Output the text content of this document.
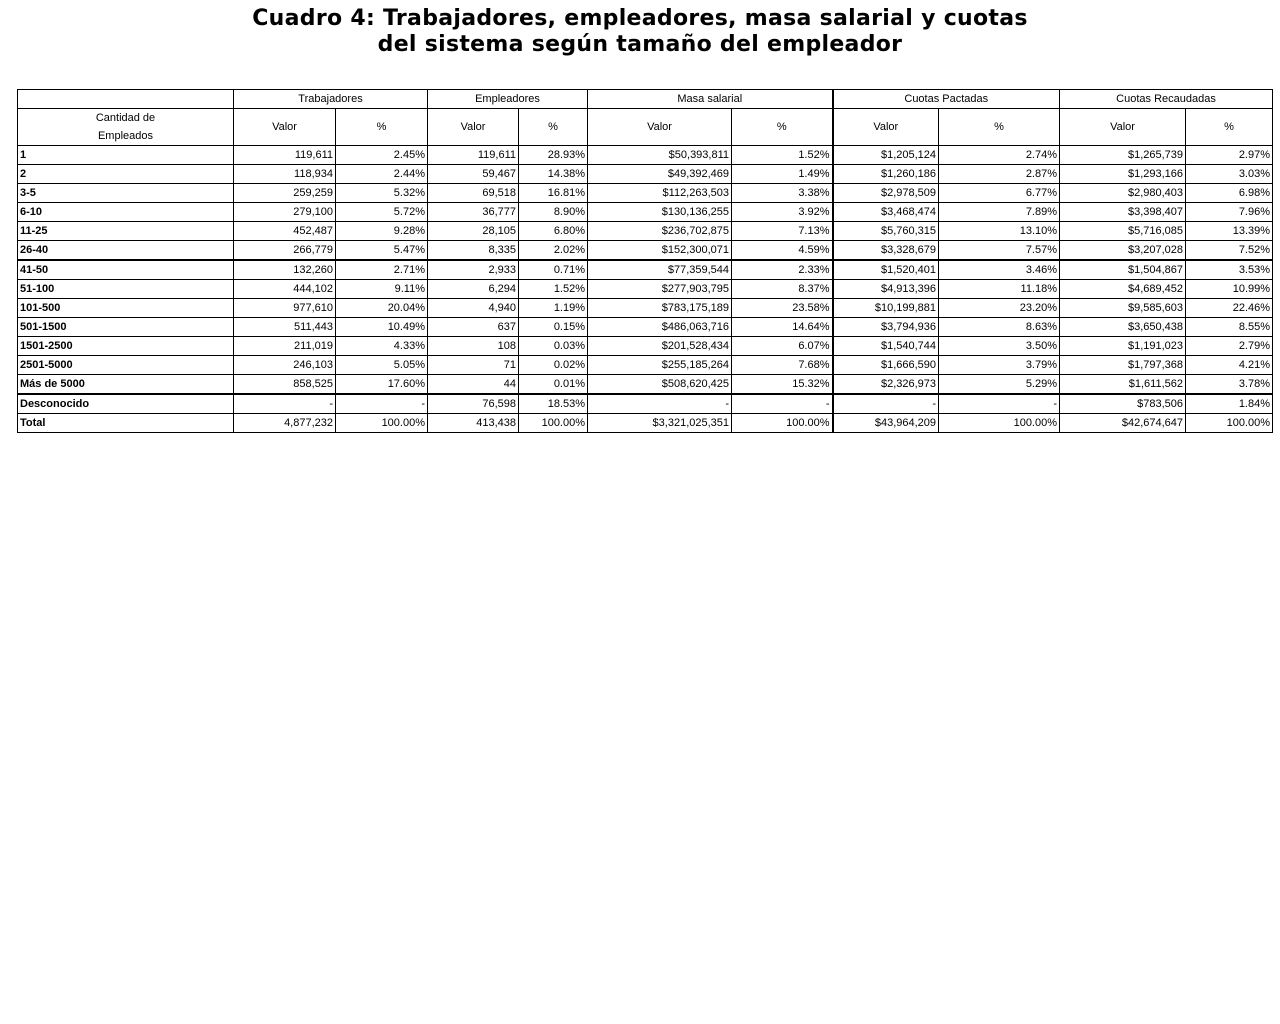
Cuadro 4: Trabajadores, empleadores, masa salarial y cuotas
del sistema según tamaño del empleador
	Trabajadores		Empleadores		Masa salarial		Cuotas Pactadas		Cuotas Recaudadas	

Cantidad de
Empleados	Valor	%	Valor	%	Valor	%	Valor	%	Valor	%
1	119,611	2.45%	119,611	28.93%	$50,393,811	1.52%	$1,205,124	2.74%	$1,265,739	2.97%
2	118,934	2.44%	59,467	14.38%	$49,392,469	1.49%	$1,260,186	2.87%	$1,293,166	3.03%
3-5	259,259	5.32%	69,518	16.81%	$112,263,503	3.38%	$2,978,509	6.77%	$2,980,403	6.98%
6-10	279,100	5.72%	36,777	8.90%	$130,136,255	3.92%	$3,468,474	7.89%	$3,398,407	7.96%
11-25	452,487	9.28%	28,105	6.80%	$236,702,875	7.13%	$5,760,315	13.10%	$5,716,085	13.39%
26-40	266,779	5.47%	8,335	2.02%	$152,300,071	4.59%	$3,328,679	7.57%	$3,207,028	7.52%
41-50	132,260	2.71%	2,933	0.71%	$77,359,544	2.33%	$1,520,401	3.46%	$1,504,867	3.53%
51-100	444,102	9.11%	6,294	1.52%	$277,903,795	8.37%	$4,913,396	11.18%	$4,689,452	10.99%
101-500	977,610	20.04%	4,940	1.19%	$783,175,189	23.58%	$10,199,881	23.20%	$9,585,603	22.46%
501-1500	511,443	10.49%	637	0.15%	$486,063,716	14.64%	$3,794,936	8.63%	$3,650,438	8.55%
1501-2500	211,019	4.33%	108	0.03%	$201,528,434	6.07%	$1,540,744	3.50%	$1,191,023	2.79%
2501-5000	246,103	5.05%	71	0.02%	$255,185,264	7.68%	$1,666,590	3.79%	$1,797,368	4.21%
Más de 5000	858,525	17.60%	44	0.01%	$508,620,425	15.32%	$2,326,973	5.29%	$1,611,562	3.78%
Desconocido	-	-	76,598	18.53%	-	-	-	-	$783,506	1.84%
Total	4,877,232	100.00%	413,438	100.00%	$3,321,025,351	100.00%	$43,964,209	100.00%	$42,674,647	100.00%
